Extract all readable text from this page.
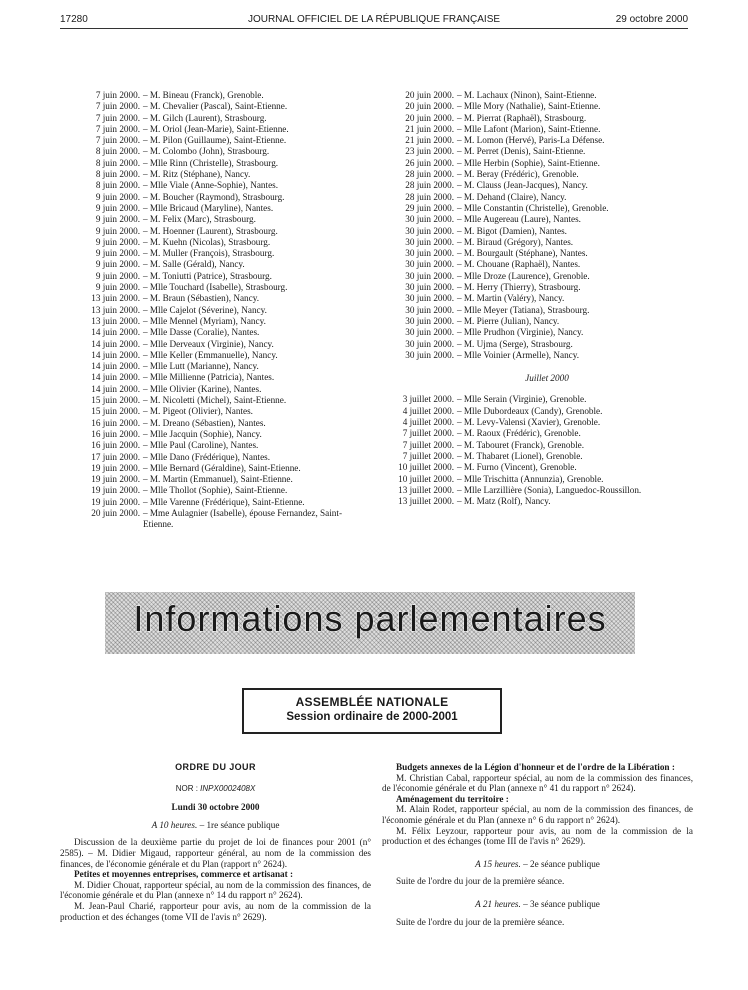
17280	JOURNAL OFFICIEL DE LA RÉPUBLIQUE FRANÇAISE	29 octobre 2000
7 juin 2000. – M. Bineau (Franck), Grenoble.
7 juin 2000. – M. Chevalier (Pascal), Saint-Etienne.
7 juin 2000. – M. Gilch (Laurent), Strasbourg.
7 juin 2000. – M. Oriol (Jean-Marie), Saint-Etienne.
7 juin 2000. – M. Pilon (Guillaume), Saint-Etienne.
8 juin 2000. – M. Colombo (John), Strasbourg.
8 juin 2000. – Mlle Rinn (Christelle), Strasbourg.
8 juin 2000. – M. Ritz (Stéphane), Nancy.
8 juin 2000. – Mlle Viale (Anne-Sophie), Nantes.
9 juin 2000. – M. Boucher (Raymond), Strasbourg.
9 juin 2000. – Mlle Bricaud (Maryline), Nantes.
9 juin 2000. – M. Felix (Marc), Strasbourg.
9 juin 2000. – M. Hoenner (Laurent), Strasbourg.
9 juin 2000. – M. Kuehn (Nicolas), Strasbourg.
9 juin 2000. – M. Muller (François), Strasbourg.
9 juin 2000. – M. Salle (Gérald), Nancy.
9 juin 2000. – M. Toniutti (Patrice), Strasbourg.
9 juin 2000. – Mlle Touchard (Isabelle), Strasbourg.
13 juin 2000. – M. Braun (Sébastien), Nancy.
13 juin 2000. – Mlle Cajelot (Séverine), Nancy.
13 juin 2000. – Mlle Mennel (Myriam), Nancy.
14 juin 2000. – Mlle Dasse (Coralie), Nantes.
14 juin 2000. – Mlle Derveaux (Virginie), Nancy.
14 juin 2000. – Mlle Keller (Emmanuelle), Nancy.
14 juin 2000. – Mlle Lutt (Marianne), Nancy.
14 juin 2000. – Mlle Millienne (Patricia), Nantes.
14 juin 2000. – Mlle Olivier (Karine), Nantes.
15 juin 2000. – M. Nicoletti (Michel), Saint-Etienne.
15 juin 2000. – M. Pigeot (Olivier), Nantes.
16 juin 2000. – M. Dreano (Sébastien), Nantes.
16 juin 2000. – Mlle Jacquin (Sophie), Nancy.
16 juin 2000. – Mlle Paul (Caroline), Nantes.
17 juin 2000. – Mlle Dano (Frédérique), Nantes.
19 juin 2000. – Mlle Bernard (Géraldine), Saint-Etienne.
19 juin 2000. – M. Martin (Emmanuel), Saint-Etienne.
19 juin 2000. – Mlle Thollot (Sophie), Saint-Etienne.
19 juin 2000. – Mlle Varenne (Frédérique), Saint-Etienne.
20 juin 2000. – Mme Aulagnier (Isabelle), épouse Fernandez, Saint-Etienne.
20 juin 2000. – M. Lachaux (Ninon), Saint-Etienne.
20 juin 2000. – Mlle Mory (Nathalie), Saint-Etienne.
20 juin 2000. – M. Pierrat (Raphaël), Strasbourg.
21 juin 2000. – Mlle Lafont (Marion), Saint-Etienne.
21 juin 2000. – M. Lomon (Hervé), Paris-La Défense.
23 juin 2000. – M. Perret (Denis), Saint-Etienne.
26 juin 2000. – Mlle Herbin (Sophie), Saint-Etienne.
28 juin 2000. – M. Beray (Frédéric), Grenoble.
28 juin 2000. – M. Clauss (Jean-Jacques), Nancy.
28 juin 2000. – M. Dehand (Claire), Nancy.
29 juin 2000. – Mlle Constantin (Christelle), Grenoble.
30 juin 2000. – Mlle Augereau (Laure), Nantes.
30 juin 2000. – M. Bigot (Damien), Nantes.
30 juin 2000. – M. Biraud (Grégory), Nantes.
30 juin 2000. – M. Bourgault (Stéphane), Nantes.
30 juin 2000. – M. Chouane (Raphaël), Nantes.
30 juin 2000. – Mlle Droze (Laurence), Grenoble.
30 juin 2000. – M. Herry (Thierry), Strasbourg.
30 juin 2000. – M. Martin (Valéry), Nancy.
30 juin 2000. – Mlle Meyer (Tatiana), Strasbourg.
30 juin 2000. – M. Pierre (Julian), Nancy.
30 juin 2000. – Mlle Prudhon (Virginie), Nancy.
30 juin 2000. – M. Ujma (Serge), Strasbourg.
30 juin 2000. – Mlle Voinier (Armelle), Nancy.
Juillet 2000
3 juillet 2000. – Mlle Serain (Virginie), Grenoble.
4 juillet 2000. – Mlle Dubordeaux (Candy), Grenoble.
4 juillet 2000. – M. Levy-Valensi (Xavier), Grenoble.
7 juillet 2000. – M. Raoux (Frédéric), Grenoble.
7 juillet 2000. – M. Tabouret (Franck), Grenoble.
7 juillet 2000. – M. Thabaret (Lionel), Grenoble.
10 juillet 2000. – M. Furno (Vincent), Grenoble.
10 juillet 2000. – Mlle Trischitta (Annunzia), Grenoble.
13 juillet 2000. – Mlle Larzillière (Sonia), Languedoc-Roussillon.
13 juillet 2000. – M. Matz (Rolf), Nancy.
Informations parlementaires
ASSEMBLÉE NATIONALE
Session ordinaire de 2000-2001
ORDRE DU JOUR
NOR : INPX0002408X
Lundi 30 octobre 2000
A 10 heures. – 1re séance publique
Discussion de la deuxième partie du projet de loi de finances pour 2001 (n° 2585). – M. Didier Migaud, rapporteur général, au nom de la commission des finances, de l'économie générale et du Plan (rapport n° 2624).
Petites et moyennes entreprises, commerce et artisanat :
M. Didier Chouat, rapporteur spécial, au nom de la commission des finances, de l'économie générale et du Plan (annexe n° 14 du rapport n° 2624).
M. Jean-Paul Charié, rapporteur pour avis, au nom de la commission de la production et des échanges (tome VII de l'avis n° 2629).
Budgets annexes de la Légion d'honneur et de l'ordre de la Libération :
M. Christian Cabal, rapporteur spécial, au nom de la commission des finances, de l'économie générale et du Plan (annexe n° 41 du rapport n° 2624).
Aménagement du territoire :
M. Alain Rodet, rapporteur spécial, au nom de la commission des finances, de l'économie générale et du Plan (annexe n° 6 du rapport n° 2624).
M. Félix Leyzour, rapporteur pour avis, au nom de la commission de la production et des échanges (tome III de l'avis n° 2629).
A 15 heures. – 2e séance publique
Suite de l'ordre du jour de la première séance.
A 21 heures. – 3e séance publique
Suite de l'ordre du jour de la première séance.
